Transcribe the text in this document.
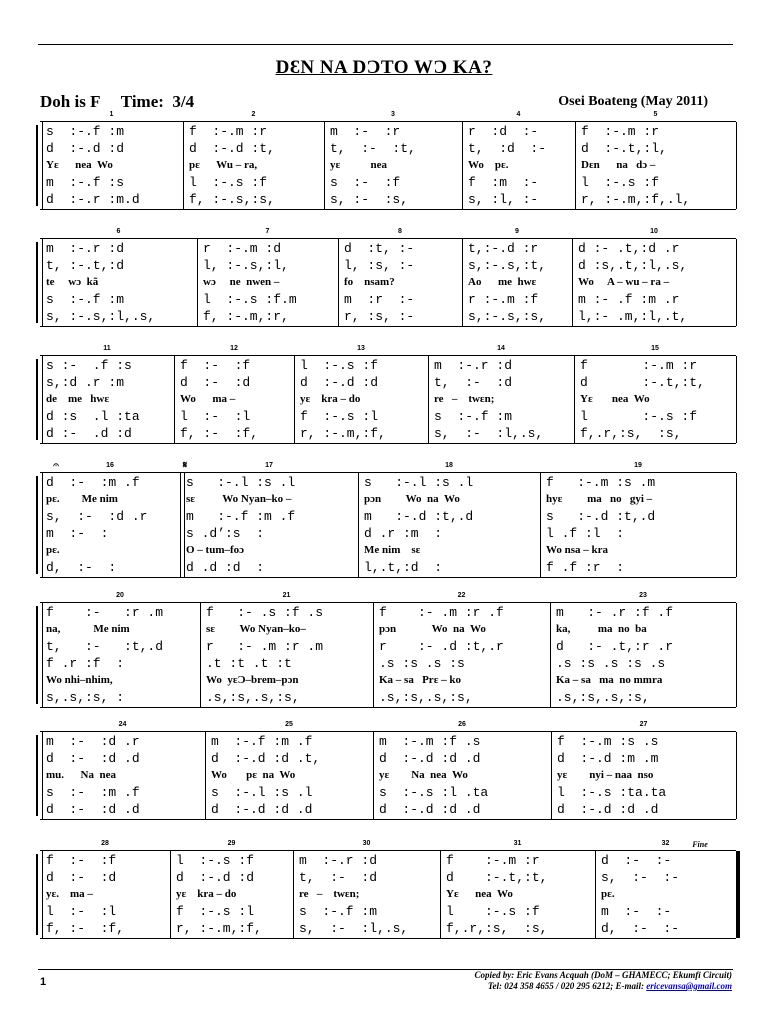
DƐN NA DƆTO WƆ KA?
Doh is F Time:  3/4	Osei Boateng (May 2011)
1	2	3	4	5
s  :-.f :m	f  :-.m :r	m  :-  :r	r  :d  :-	f  :-.m :r
d  :-.d :d	d  :-.d :t,	t,  :-  :t,	t,  :d  :-	d  :-.t,:l,
Yɛ      nea  Wo	pɛ      Wu – ra,	yɛ           nea	Wo    pɛ.	Dɛn      na   dɔ –
m  :-.f :s	l  :-.s :f	s  :-  :f	f  :m  :-	l  :-.s :f
d  :-.r :m.d	f, :-.s,:s,	s, :-  :s,	s, :l, :-	r, :-.m,:f,.l,
6	7	8	9	10
m  :-.r :d	r  :-.m :d	d  :t, :-	t,:-.d :r	d :- .t,:d .r
t, :-.t,:d	l, :-.s,:l,	l, :s, :-	s,:-.s,:t,	d :s,.t,:l,.s,
te     wɔ  kã	wɔ     ne  nwen –	fo    nsam?	Ao      me  hwɛ	Wo     A – wu – ra –
s  :-.f :m	l  :-.s :f.m	m  :r  :-	r :-.m :f	m :- .f :m .r
s, :-.s,:l,.s,	f, :-.m,:r,	r, :s, :-	s,:-.s,:s,	l,:- .m,:l,.t,
11	12	13	14	15
s :-  .f :s	f  :-  :f	l  :-.s :f	m  :-.r :d	f       :-.m :r
s,:d .r :m	d  :-  :d	d  :-.d :d	t,  :-  :d	d       :-.t,:t,
de    me   hwɛ	Wo      ma –	yɛ    kra – do	re   –    twɛn;	Yɛ       nea  Wo
d :s  .l :ta	l  :-  :l	f  :-.s :l	s  :-.f :m	l       :-.s :f
d :-  .d :d	f, :-  :f,	r, :-.m,:f,	s,  :-  :l,.s,	f,.r,:s,  :s,
16	17	18	19
𝄐	𝄋
d  :-  :m .f	s   :-.l :s .l	s   :-.l :s .l	f   :-.m :s .m
pɛ.        Me nim	sɛ          Wo Nyan–ko –	pɔn         Wo  na  Wo	hyɛ         ma   no   gyi –
s,  :-  :d .r	m   :-.f :m .f	m   :-.d :t,.d	s   :-.d :t,.d
m  :-  :	s .d’:s  :	d .r :m  :	l .f :l  :
pɛ.	O – tum–foɔ	Me nim    sɛ	Wo nsa – kra
d,  :-  :	d .d :d  :	l,.t,:d  :	f .f :r  :
20	21	22	23
f    :-   :r .m	f   :- .s :f .s	f    :- .m :r .f	m   :- .r :f .f
na,            Me nim	sɛ         Wo Nyan–ko–	pɔn             Wo  na  Wo	ka,          ma  no  ba
t,   :-   :t,.d	r   :- .m :r .m	r    :- .d :t,.r	d   :- .t,:r .r
f .r :f  :	.t :t .t :t	.s :s .s :s	.s :s .s :s .s
Wo nhi–nhim,	Wo  yɛƆ–brem–pɔn	Ka – sa   Prɛ – ko	Ka – sa   ma  no mmra
s,.s,:s, :	.s,:s,.s,:s,	.s,:s,.s,:s,	.s,:s,.s,:s,
24	25	26	27
m  :-  :d .r	m  :-.f :m .f	m  :-.m :f .s	f  :-.m :s .s
d  :-  :d .d	d  :-.d :d .t,	d  :-.d :d .d	d  :-.d :m .m
mu.      Na  nea	Wo       pɛ  na  Wo	yɛ        Na  nea  Wo	yɛ        nyi – naa  nso
s  :-  :m .f	s  :-.l :s .l	s  :-.s :l .ta	l  :-.s :ta.ta
d  :-  :d .d	d  :-.d :d .d	d  :-.d :d .d	d  :-.d :d .d
28	29	30	31	32	Fine
f  :-  :f	l  :-.s :f	m  :-.r :d	f    :-.m :r	d  :-  :-
d  :-  :d	d  :-.d :d	t,  :-  :d	d    :-.t,:t,	s,  :-  :-
yɛ.    ma –	yɛ    kra – do	re   –    twɛn;	Yɛ      nea  Wo	pɛ.
l  :-  :l	f  :-.s :l	s  :-.f :m	l    :-.s :f	m  :-  :-
f, :-  :f,	r, :-.m,:f,	s,  :-  :l,.s,	f,.r,:s,  :s,	d,  :-  :-
1
Copied by: Eric Evans Acquah (DoM – GHAMECC; Ekumfi Circuit)
Tel: 024 358 4655 / 020 295 6212; E-mail: ericevansa@gmail.com
